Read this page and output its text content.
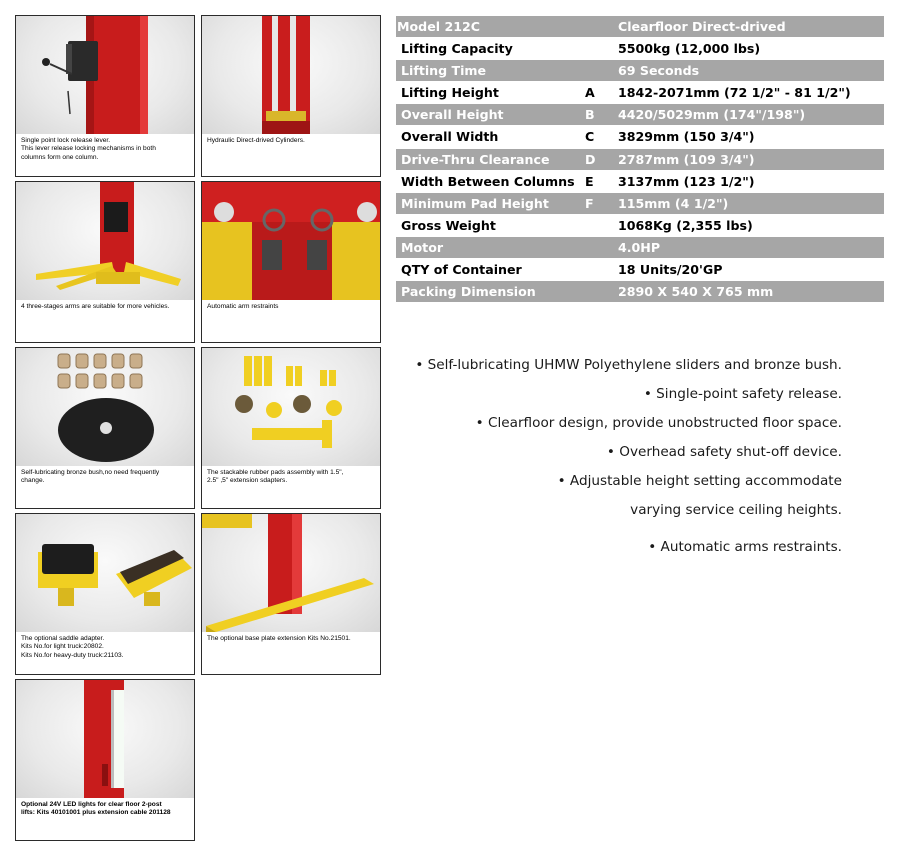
Single point lock release lever.
This lever release locking mechanisms in both
columns form one column.
Hydraulic Direct-drived Cylinders.
4 three-stages arms are suitable for more vehicles.	Automatic arm restraints
Self-lubricating bronze bush,no need frequently
change.
The stackable rubber pads assembly with 1.5",
2.5" ,5" extension sdapters.
The optional saddle adapter.
Kits No.for light truck:20802.
Kits No.for heavy-duty truck:21103.
The optional base plate extension Kits No.21501.
Optional 24V LED lights for clear floor 2-post
lifts: Kits 40101001 plus extension cable 201128
Model 212C	Clearfloor Direct-drived
Lifting Capacity	5500kg (12,000 lbs)
Lifting Time	69 Seconds
Lifting Height	A 1842-2071mm (72 1/2" - 81 1/2")
Overall Height	B 4420/5029mm (174"/198")
Overall Width	C 3829mm (150 3/4")
Drive-Thru Clearance	D 2787mm (109 3/4")
Width Between Columns E 3137mm (123 1/2")
Minimum Pad Height	F 115mm (4 1/2")
Gross Weight	1068Kg (2,355 lbs)
Motor	4.0HP
QTY of Container	18 Units/20'GP
Packing Dimension	2890 X 540 X 765 mm
• Self-lubricating UHMW Polyethylene sliders and bronze bush.
• Single-point safety release.
• Clearfloor design, provide unobstructed floor space.
• Overhead safety shut-off device.
• Adjustable height setting accommodate
varying service ceiling heights.
• Automatic arms restraints.
